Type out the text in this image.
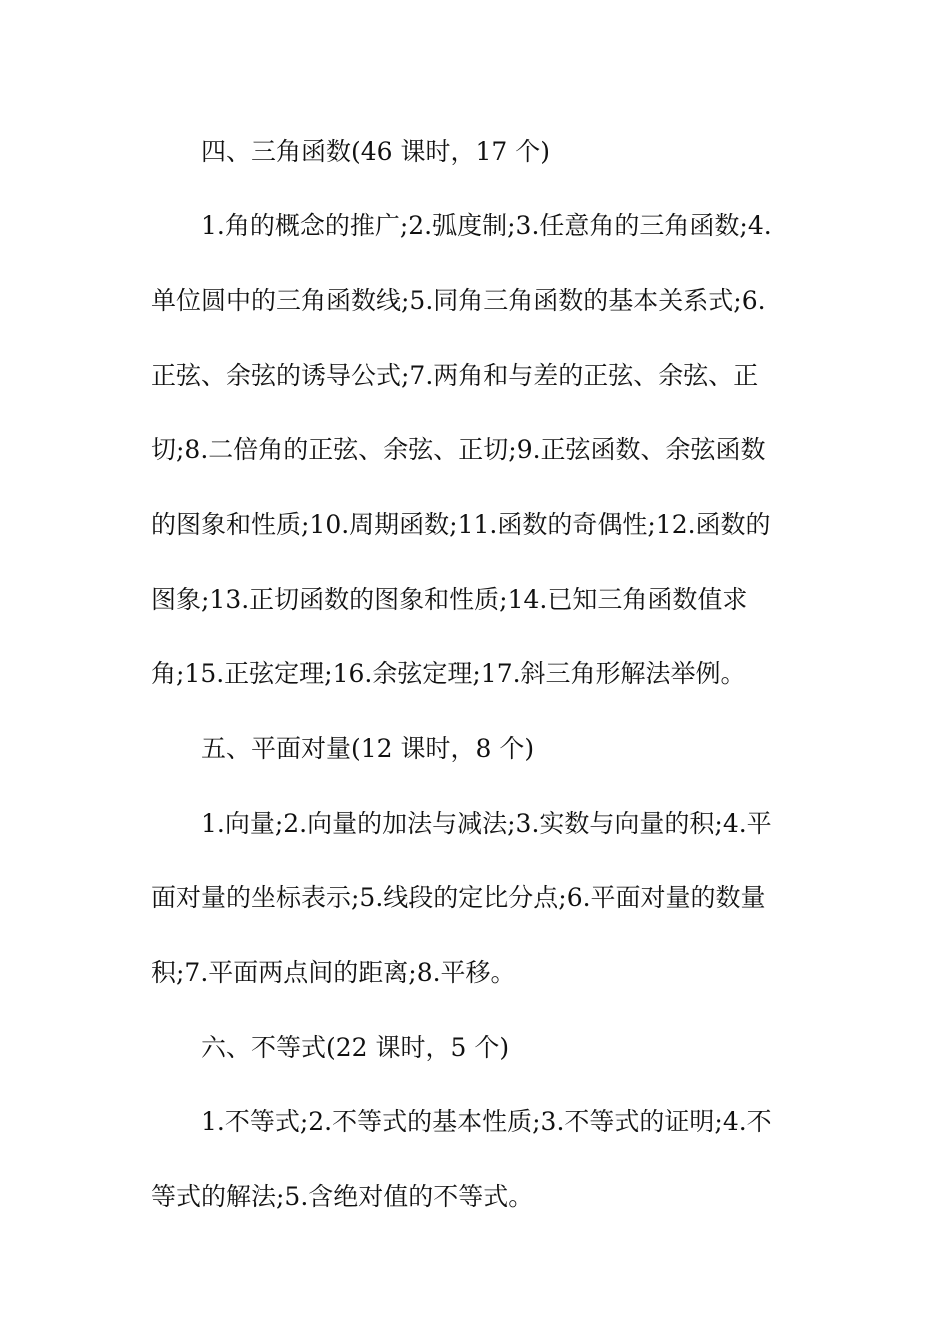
四、三角函数(46 课时，17 个)
1.角的概念的推广;2.弧度制;3.任意角的三角函数;4.
单位圆中的三角函数线;5.同角三角函数的基本关系式;6.
正弦、余弦的诱导公式;7.两角和与差的正弦、余弦、正
切;8.二倍角的正弦、余弦、正切;9.正弦函数、余弦函数
的图象和性质;10.周期函数;11.函数的奇偶性;12.函数的
图象;13.正切函数的图象和性质;14.已知三角函数值求
角;15.正弦定理;16.余弦定理;17.斜三角形解法举例。
五、平面对量(12 课时，8 个)
1.向量;2.向量的加法与减法;3.实数与向量的积;4.平
面对量的坐标表示;5.线段的定比分点;6.平面对量的数量
积;7.平面两点间的距离;8.平移。
六、不等式(22 课时，5 个)
1.不等式;2.不等式的基本性质;3.不等式的证明;4.不
等式的解法;5.含绝对值的不等式。
